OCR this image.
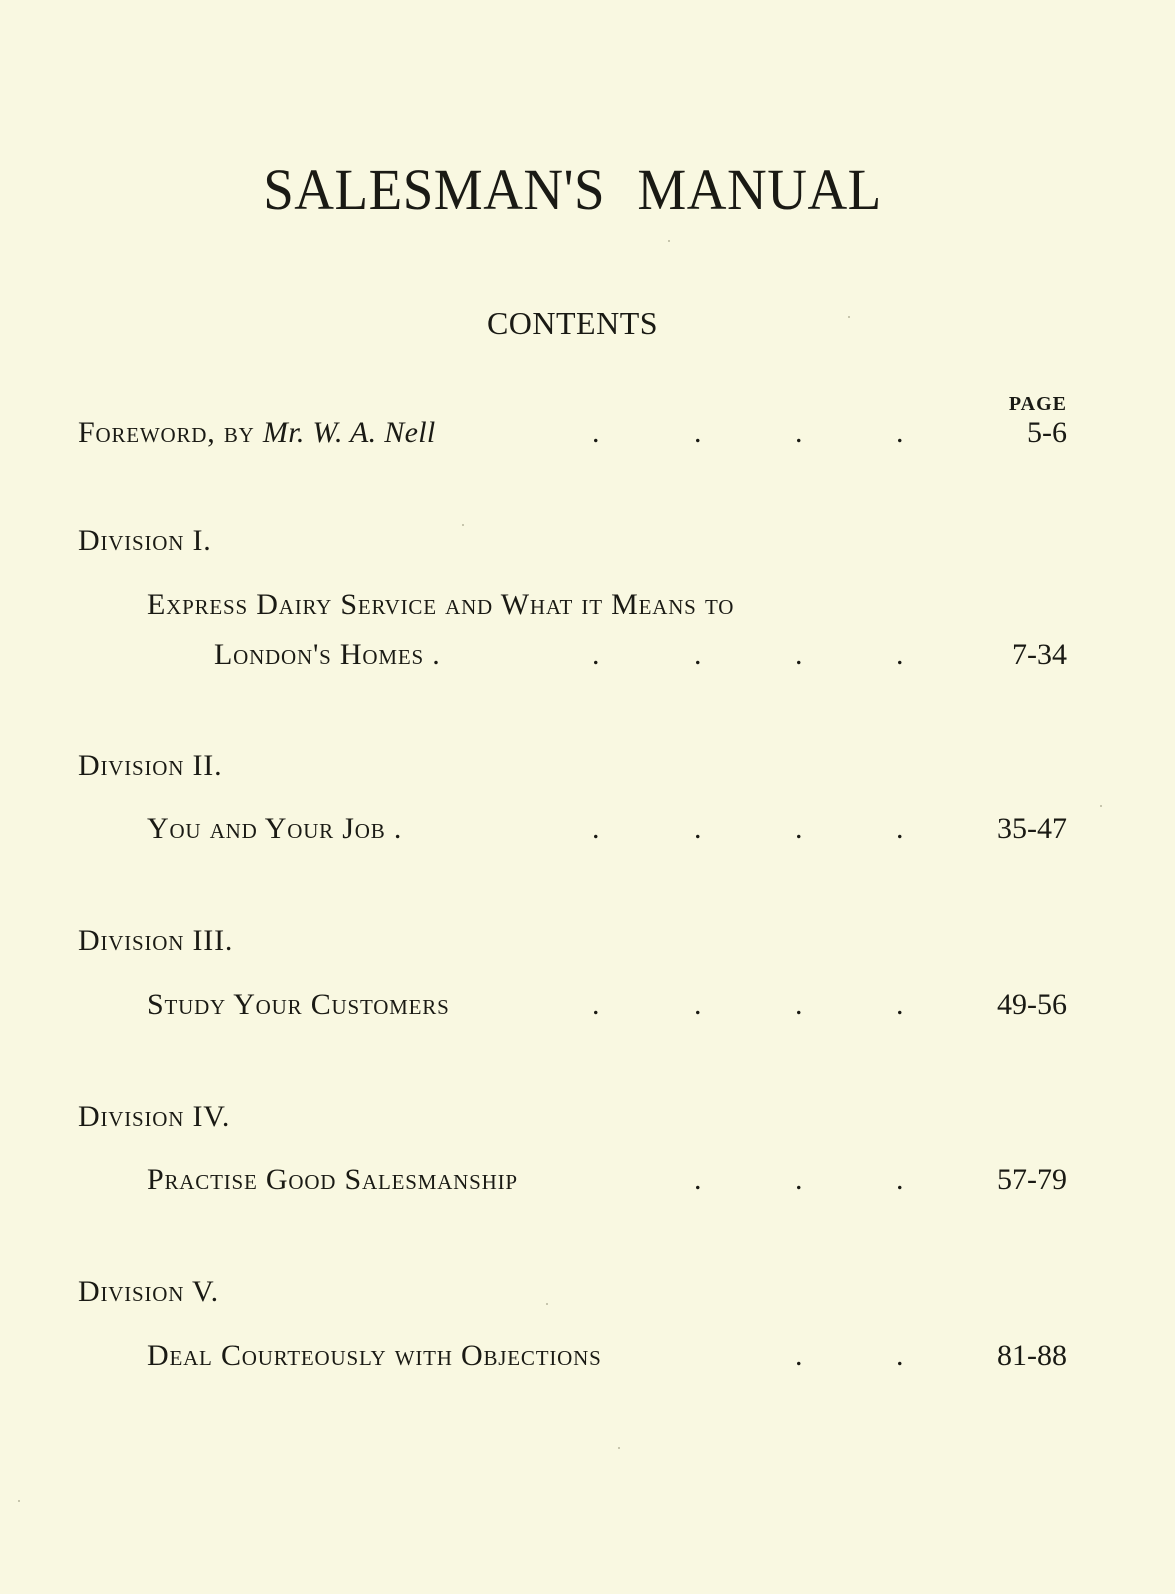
SALESMAN'S MANUAL
CONTENTS
PAGE
Foreword, by Mr. W. A. Nell	.	.	.	.	5-6
Division I.
Express Dairy Service and What it Means to
London's Homes .	.	.	.	.	7-34
Division II.
You and Your Job .	.	.	.	.	35-47
Division III.
Study Your Customers	.	.	.	.	49-56
Division IV.
Practise Good Salesmanship	.	.	.	57-79
Division V.
Deal Courteously with Objections	.	.	81-88
